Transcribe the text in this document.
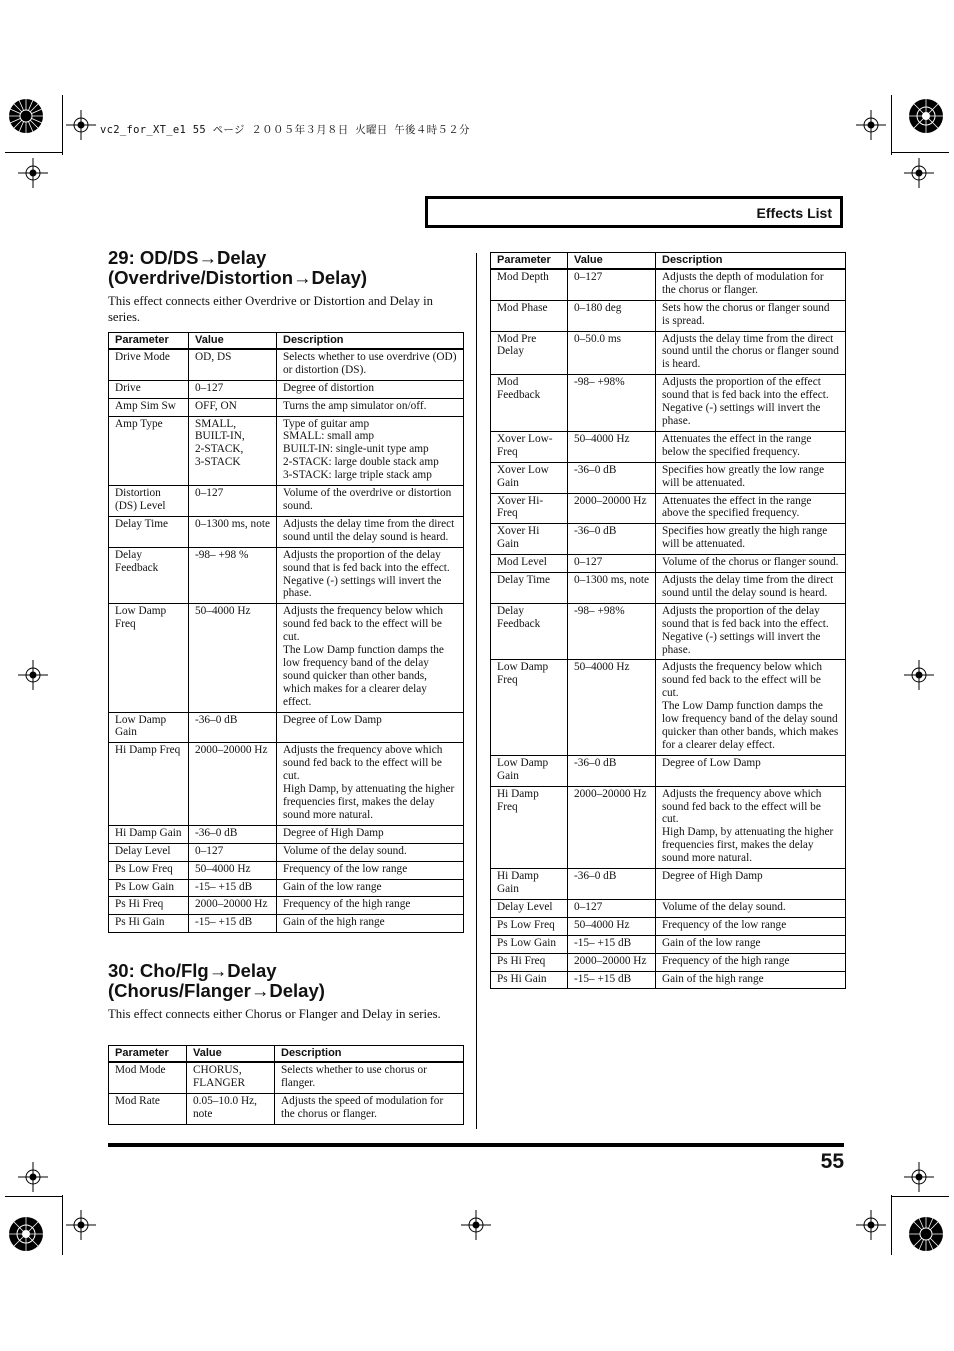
vc2_for_XT_e1 55 ページ ２００５年３月８日 火曜日 午後４時５２分
Effects List
29: OD/DS→Delay
(Overdrive/Distortion→Delay)
This effect connects either Overdrive or Distortion and Delay in series.
Parameter	Value	Description
Drive Mode	OD, DS	Selects whether to use overdrive (OD) or distortion (DS).
Drive	0–127	Degree of distortion
Amp Sim Sw	OFF, ON	Turns the amp simulator on/off.
Amp Type	SMALL,
BUILT-IN,
2-STACK,
3-STACK	Type of guitar amp
SMALL: small amp
BUILT-IN: single-unit type amp
2-STACK: large double stack amp
3-STACK: large triple stack amp
Distortion (DS) Level	0–127	Volume of the overdrive or distortion sound.
Delay Time	0–1300 ms, note	Adjusts the delay time from the direct sound until the delay sound is heard.
Delay Feedback	-98– +98 %	Adjusts the proportion of the delay sound that is fed back into the effect. Negative (-) settings will invert the phase.
Low Damp Freq	50–4000 Hz	Adjusts the frequency below which sound fed back to the effect will be cut.
The Low Damp function damps the low frequency band of the delay sound quicker than other bands, which makes for a clearer delay effect.
Low Damp Gain	-36–0 dB	Degree of Low Damp
Hi Damp Freq	2000–20000 Hz	Adjusts the frequency above which sound fed back to the effect will be cut.
High Damp, by attenuating the higher frequencies first, makes the delay sound more natural.
Hi Damp Gain	-36–0 dB	Degree of High Damp
Delay Level	0–127	Volume of the delay sound.
Ps Low Freq	50–4000 Hz	Frequency of the low range
Ps Low Gain	-15– +15 dB	Gain of the low range
Ps Hi Freq	2000–20000 Hz	Frequency of the high range
Ps Hi Gain	-15– +15 dB	Gain of the high range
30: Cho/Flg→Delay
(Chorus/Flanger→Delay)
This effect connects either Chorus or Flanger and Delay in series.
Parameter	Value	Description
Mod Mode	CHORUS,
FLANGER	Selects whether to use chorus or flanger.
Mod Rate	0.05–10.0 Hz, note	Adjusts the speed of modulation for the chorus or flanger.
Parameter	Value	Description
Mod Depth	0–127	Adjusts the depth of modulation for the chorus or flanger.
Mod Phase	0–180 deg	Sets how the chorus or flanger sound is spread.
Mod Pre Delay	0–50.0 ms	Adjusts the delay time from the direct sound until the chorus or flanger sound is heard.
Mod Feedback	-98– +98%	Adjusts the proportion of the effect sound that is fed back into the effect. Negative (-) settings will invert the phase.
Xover Low-Freq	50–4000 Hz	Attenuates the effect in the range below the specified frequency.
Xover Low Gain	-36–0 dB	Specifies how greatly the low range will be attenuated.
Xover Hi-Freq	2000–20000 Hz	Attenuates the effect in the range above the specified frequency.
Xover Hi Gain	-36–0 dB	Specifies how greatly the high range will be attenuated.
Mod Level	0–127	Volume of the chorus or flanger sound.
Delay Time	0–1300 ms, note	Adjusts the delay time from the direct sound until the delay sound is heard.
Delay Feedback	-98– +98%	Adjusts the proportion of the delay sound that is fed back into the effect. Negative (-) settings will invert the phase.
Low Damp Freq	50–4000 Hz	Adjusts the frequency below which sound fed back to the effect will be cut.
The Low Damp function damps the low frequency band of the delay sound quicker than other bands, which makes for a clearer delay effect.
Low Damp Gain	-36–0 dB	Degree of Low Damp
Hi Damp Freq	2000–20000 Hz	Adjusts the frequency above which sound fed back to the effect will be cut.
High Damp, by attenuating the higher frequencies first, makes the delay sound more natural.
Hi Damp Gain	-36–0 dB	Degree of High Damp
Delay Level	0–127	Volume of the delay sound.
Ps Low Freq	50–4000 Hz	Frequency of the low range
Ps Low Gain	-15– +15 dB	Gain of the low range
Ps Hi Freq	2000–20000 Hz	Frequency of the high range
Ps Hi Gain	-15– +15 dB	Gain of the high range
55
